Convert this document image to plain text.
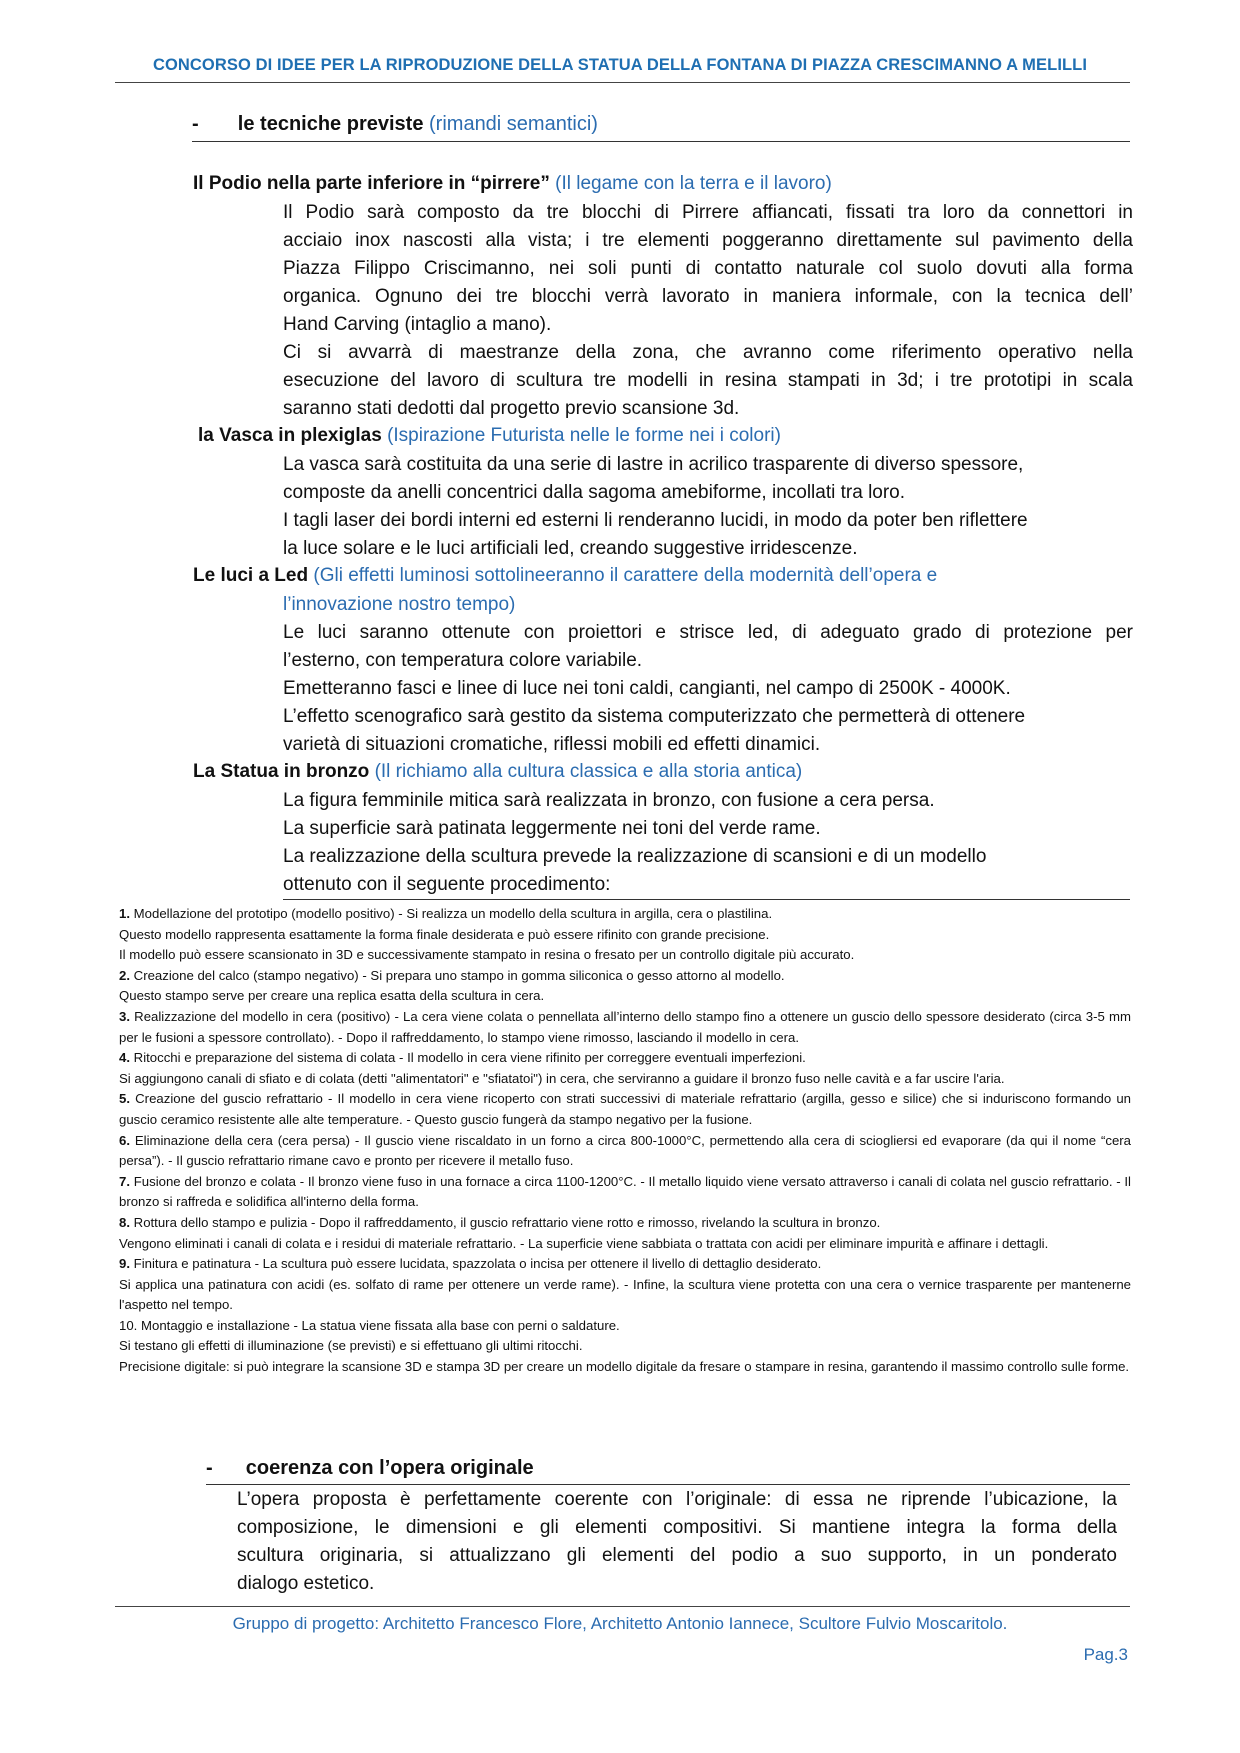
CONCORSO DI IDEE PER LA RIPRODUZIONE DELLA STATUA DELLA FONTANA DI PIAZZA CRESCIMANNO A MELILLI
- le tecniche previste (rimandi semantici)
Il Podio nella parte inferiore in “pirrere” (Il legame con la terra e il lavoro)
Il Podio sarà composto da tre blocchi di Pirrere affiancati, fissati tra loro da connettori in
acciaio inox nascosti alla vista; i tre elementi poggeranno direttamente sul pavimento della
Piazza Filippo Criscimanno, nei soli punti di contatto naturale col suolo dovuti alla forma
organica. Ognuno dei tre blocchi verrà lavorato in maniera informale, con la tecnica dell’
Hand Carving (intaglio a mano).
Ci si avvarrà di maestranze della zona, che avranno come riferimento operativo nella
esecuzione del lavoro di scultura tre modelli in resina stampati in 3d; i tre prototipi in scala
saranno stati dedotti dal progetto previo scansione 3d.
la Vasca in plexiglas (Ispirazione Futurista nelle le forme nei i colori)
La vasca sarà costituita da una serie di lastre in acrilico trasparente di diverso spessore,
composte da anelli concentrici dalla sagoma amebiforme, incollati tra loro.
I tagli laser dei bordi interni ed esterni li renderanno lucidi, in modo da poter ben riflettere
la luce solare e le luci artificiali led, creando suggestive irridescenze.
Le luci a Led (Gli effetti luminosi sottolineeranno il carattere della modernità dell’opera e
l’innovazione nostro tempo)
Le luci saranno ottenute con proiettori e strisce led, di adeguato grado di protezione per
l’esterno, con temperatura colore variabile.
Emetteranno fasci e linee di luce nei toni caldi, cangianti, nel campo di 2500K - 4000K.
L’effetto scenografico sarà gestito da sistema computerizzato che permetterà di ottenere
varietà di situazioni cromatiche, riflessi mobili ed effetti dinamici.
La Statua in bronzo (Il richiamo alla cultura classica e alla storia antica)
La figura femminile mitica sarà realizzata in bronzo, con fusione a cera persa.
La superficie sarà patinata leggermente nei toni del verde rame.
La realizzazione della scultura prevede la realizzazione di scansioni e di un modello
ottenuto con il seguente procedimento:

1. Modellazione del prototipo (modello positivo) - Si realizza un modello della scultura in argilla, cera o plastilina.

Questo modello rappresenta esattamente la forma finale desiderata e può essere rifinito con grande precisione.

Il modello può essere scansionato in 3D e successivamente stampato in resina o fresato per un controllo digitale più accurato.

2. Creazione del calco (stampo negativo) - Si prepara uno stampo in gomma siliconica o gesso attorno al modello.

Questo stampo serve per creare una replica esatta della scultura in cera.

3. Realizzazione del modello in cera (positivo) - La cera viene colata o pennellata all’interno dello stampo fino a ottenere un guscio dello spessore desiderato (circa 3-5 mm per le fusioni a spessore controllato). - Dopo il raffreddamento, lo stampo viene rimosso, lasciando il modello in cera.

4. Ritocchi e preparazione del sistema di colata - Il modello in cera viene rifinito per correggere eventuali imperfezioni.

Si aggiungono canali di sfiato e di colata (detti "alimentatori" e "sfiatatoi") in cera, che serviranno a guidare il bronzo fuso nelle cavità e a far uscire l'aria.

5. Creazione del guscio refrattario - Il modello in cera viene ricoperto con strati successivi di materiale refrattario (argilla, gesso e silice) che si induriscono formando un guscio ceramico resistente alle alte temperature. - Questo guscio fungerà da stampo negativo per la fusione.

6. Eliminazione della cera (cera persa) - Il guscio viene riscaldato in un forno a circa 800-1000°C, permettendo alla cera di sciogliersi ed evaporare (da qui il nome “cera persa”). - Il guscio refrattario rimane cavo e pronto per ricevere il metallo fuso.

7. Fusione del bronzo e colata - Il bronzo viene fuso in una fornace a circa 1100-1200°C. - Il metallo liquido viene versato attraverso i canali di colata nel guscio refrattario. - Il bronzo si raffreda e solidifica all'interno della forma.

8. Rottura dello stampo e pulizia - Dopo il raffreddamento, il guscio refrattario viene rotto e rimosso, rivelando la scultura in bronzo.

Vengono eliminati i canali di colata e i residui di materiale refrattario. - La superficie viene sabbiata o trattata con acidi per eliminare impurità e affinare i dettagli.

9. Finitura e patinatura - La scultura può essere lucidata, spazzolata o incisa per ottenere il livello di dettaglio desiderato.

Si applica una patinatura con acidi (es. solfato di rame per ottenere un verde rame). - Infine, la scultura viene protetta con una cera o vernice trasparente per mantenerne l'aspetto nel tempo.

10. Montaggio e installazione - La statua viene fissata alla base con perni o saldature.

Si testano gli effetti di illuminazione (se previsti) e si effettuano gli ultimi ritocchi.

Precisione digitale: si può integrare la scansione 3D e stampa 3D per creare un modello digitale da fresare o stampare in resina, garantendo il massimo controllo sulle forme.

- coerenza con l’opera originale
L’opera proposta è perfettamente coerente con l’originale: di essa ne riprende l’ubicazione, la
composizione, le dimensioni e gli elementi compositivi. Si mantiene integra la forma della
scultura originaria, si attualizzano gli elementi del podio a suo supporto, in un ponderato
dialogo estetico.
Gruppo di progetto: Architetto Francesco Flore, Architetto Antonio Iannece, Scultore Fulvio Moscaritolo.
Pag.3
